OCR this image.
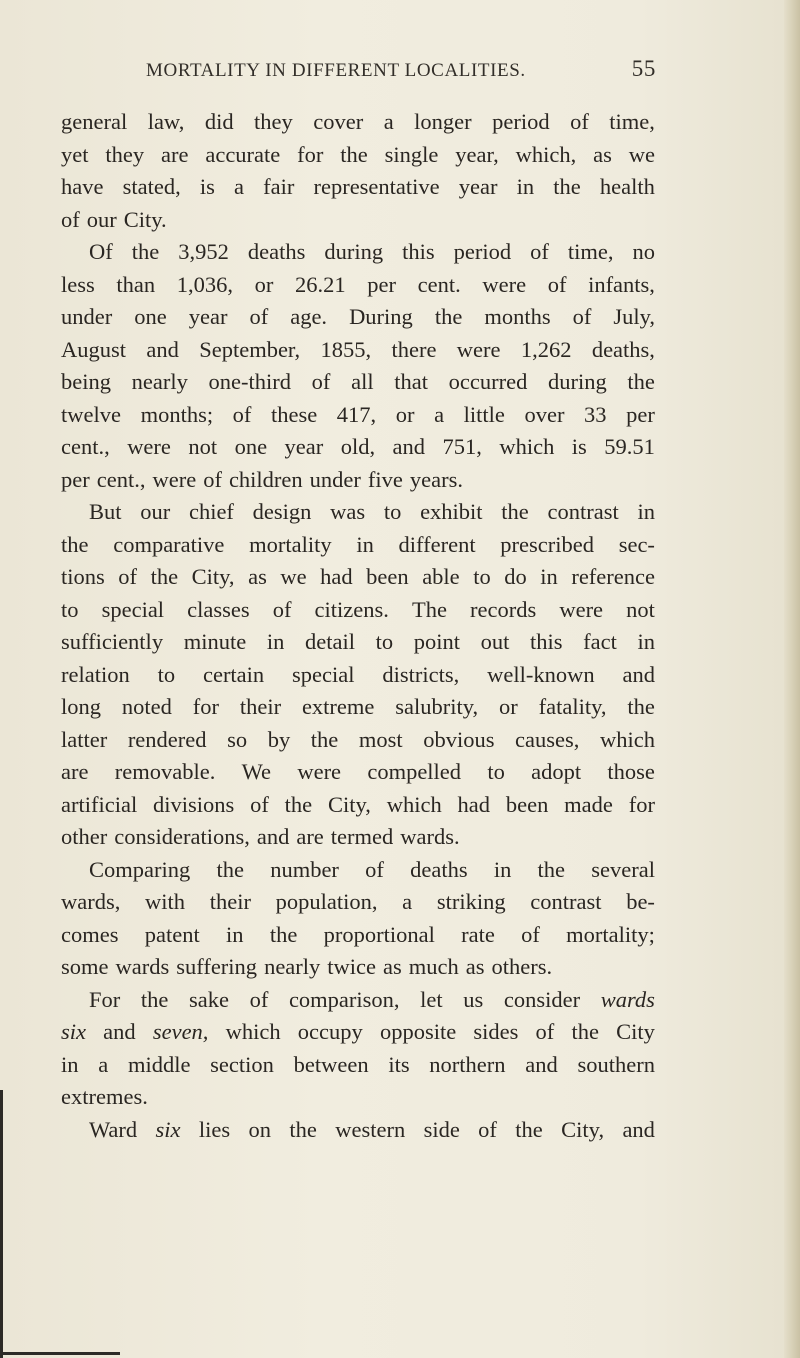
MORTALITY IN DIFFERENT LOCALITIES.	55
general law, did they cover a longer period of time,
yet they are accurate for the single year, which, as we
have stated, is a fair representative year in the health
of our City.
Of the 3,952 deaths during this period of time, no
less than 1,036, or 26.21 per cent. were of infants,
under one year of age. During the months of July,
August and September, 1855, there were 1,262 deaths,
being nearly one-third of all that occurred during the
twelve months; of these 417, or a little over 33 per
cent., were not one year old, and 751, which is 59.51
per cent., were of children under five years.
But our chief design was to exhibit the contrast in
the comparative mortality in different prescribed sec-
tions of the City, as we had been able to do in reference
to special classes of citizens. The records were not
sufficiently minute in detail to point out this fact in
relation to certain special districts, well-known and
long noted for their extreme salubrity, or fatality, the
latter rendered so by the most obvious causes, which
are removable. We were compelled to adopt those
artificial divisions of the City, which had been made for
other considerations, and are termed wards.
Comparing the number of deaths in the several
wards, with their population, a striking contrast be-
comes patent in the proportional rate of mortality;
some wards suffering nearly twice as much as others.
For the sake of comparison, let us consider wards
six and seven, which occupy opposite sides of the City
in a middle section between its northern and southern
extremes.
Ward six lies on the western side of the City, and
